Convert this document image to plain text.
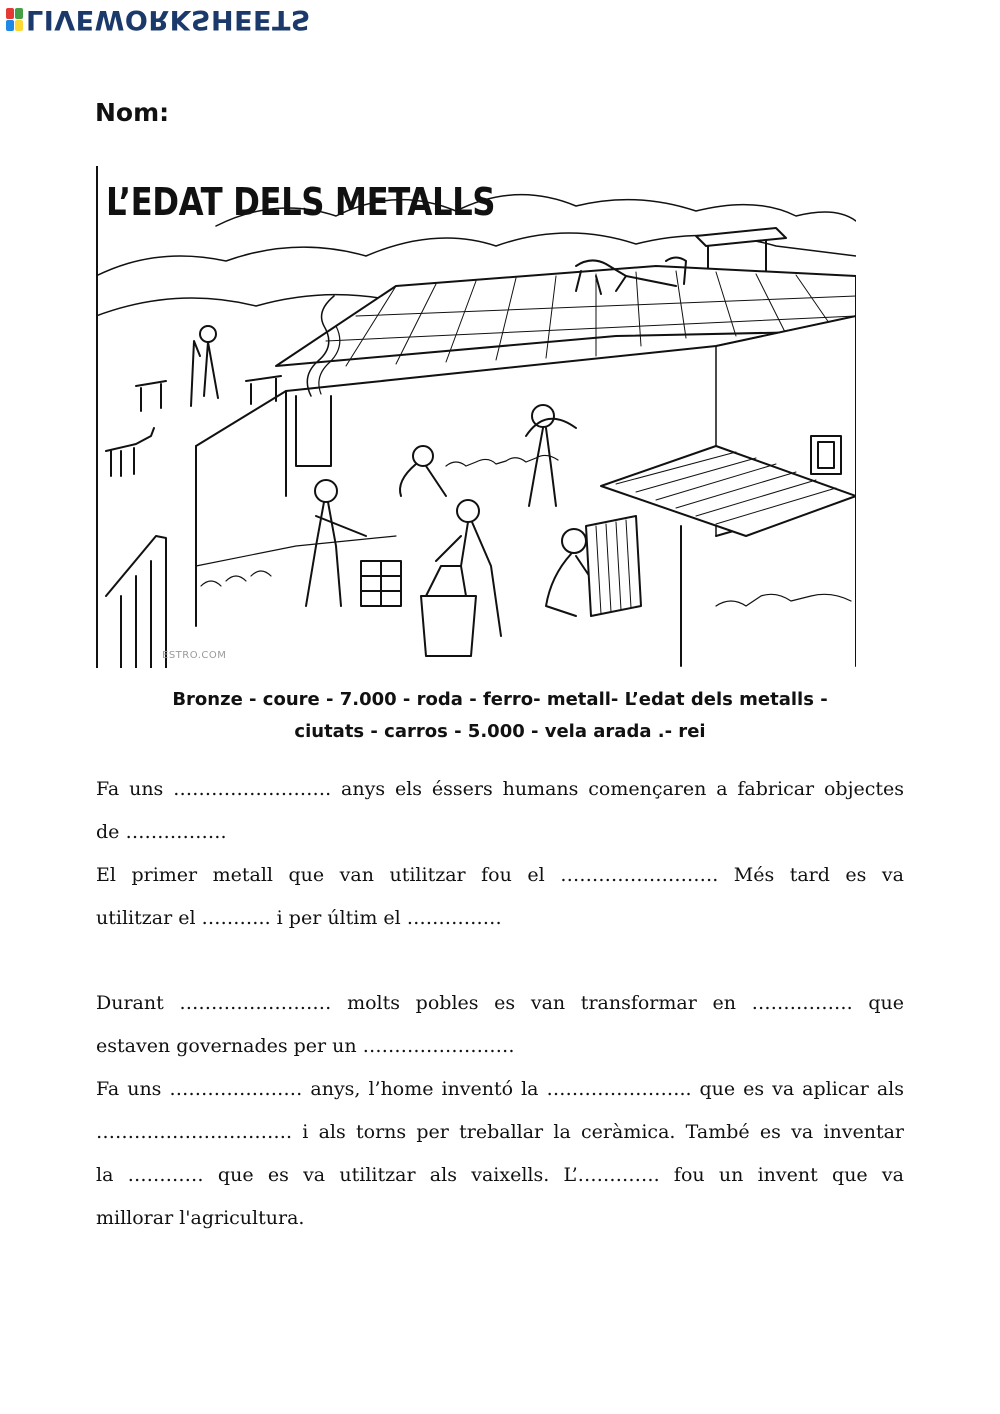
LIVEWORKSHEETS
Nom:
L’EDAT DELS METALLS
ESTRO.COM
Bronze - coure - 7.000 - roda - ferro- metall- L’edat dels metalls -
ciutats - carros - 5.000 - vela arada .- rei

Fa uns ……………………. anys els éssers humans començaren a fabricar objectes

de …………….

El primer metall que van utilitzar fou el ……………………. Més tard es va

utilitzar el ……….. i per últim el ……………

Durant …………………… molts pobles es van transformar en ……………. que

estaven governades per un ……………………

Fa uns ………………… anys, l’home inventó la ………………….. que es va aplicar als

…………………………. i als torns per treballar la ceràmica. També es va inventar

la ………… que es va utilitzar als vaixells. L’…………. fou un invent que va

millorar l'agricultura.
